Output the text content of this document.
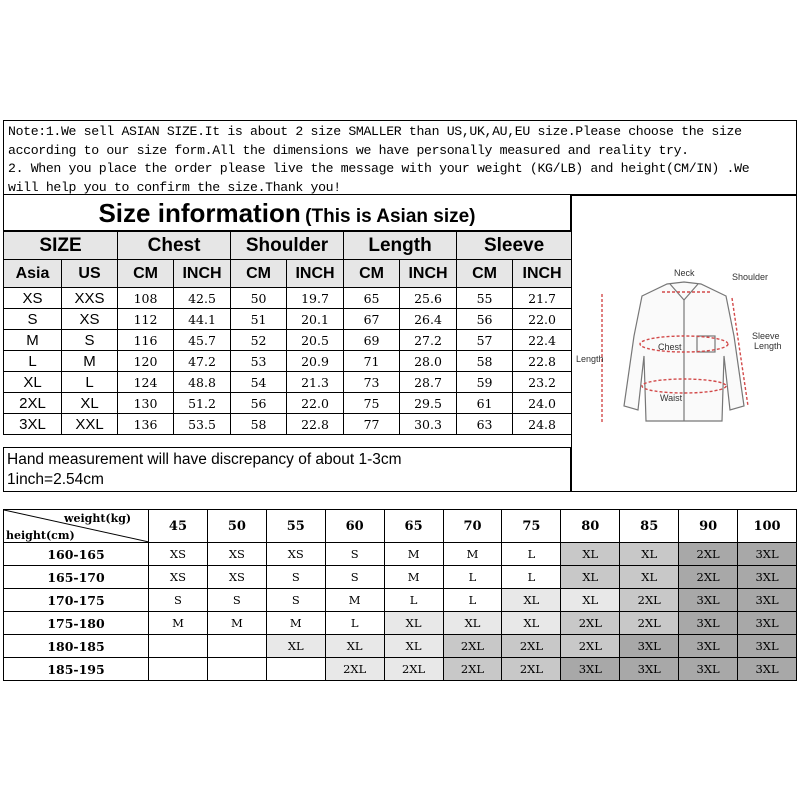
Note:1.We sell ASIAN SIZE.It is about 2 size SMALLER than US,UK,AU,EU size.Please choose the size
according to our size form.All the dimensions we have personally measured and reality try.
2. When you place the order please live the message with your weight (KG/LB) and height(CM/IN) .We
will help you to confirm the size.Thank you!
Size information (This is Asian size)
SIZE		Chest		Shoulder		Length		Sleeve	
Asia	US	CM	INCH	CM	INCH	CM	INCH	CM	INCH
XS	XXS	108	42.5	50	19.7	65	25.6	55	21.7
S	XS	112	44.1	51	20.1	67	26.4	56	22.0
M	S	116	45.7	52	20.5	69	27.2	57	22.4
L	M	120	47.2	53	20.9	71	28.0	58	22.8
XL	L	124	48.8	54	21.3	73	28.7	59	23.2
2XL	XL	130	51.2	56	22.0	75	29.5	61	24.0
3XL	XXL	136	53.5	58	22.8	77	30.3	63	24.8
Hand measurement will have discrepancy of about 1-3cm
1inch=2.54cm
Neck	Shoulder
Chest
Waist
Length
Sleeve
Length
weight(kg)
height(cm)	45	50	55	60	65	70	75	80	85	90	100
160-165	XS	XS	XS	S	M	M	L	XL	XL	2XL	3XL
165-170	XS	XS	S	S	M	L	L	XL	XL	2XL	3XL
170-175	S	S	S	M	L	L	XL	XL	2XL	3XL	3XL
175-180	M	M	M	L	XL	XL	XL	2XL	2XL	3XL	3XL
180-185			XL	XL	XL	2XL	2XL	2XL	3XL	3XL	3XL
185-195				2XL	2XL	2XL	2XL	3XL	3XL	3XL	3XL
